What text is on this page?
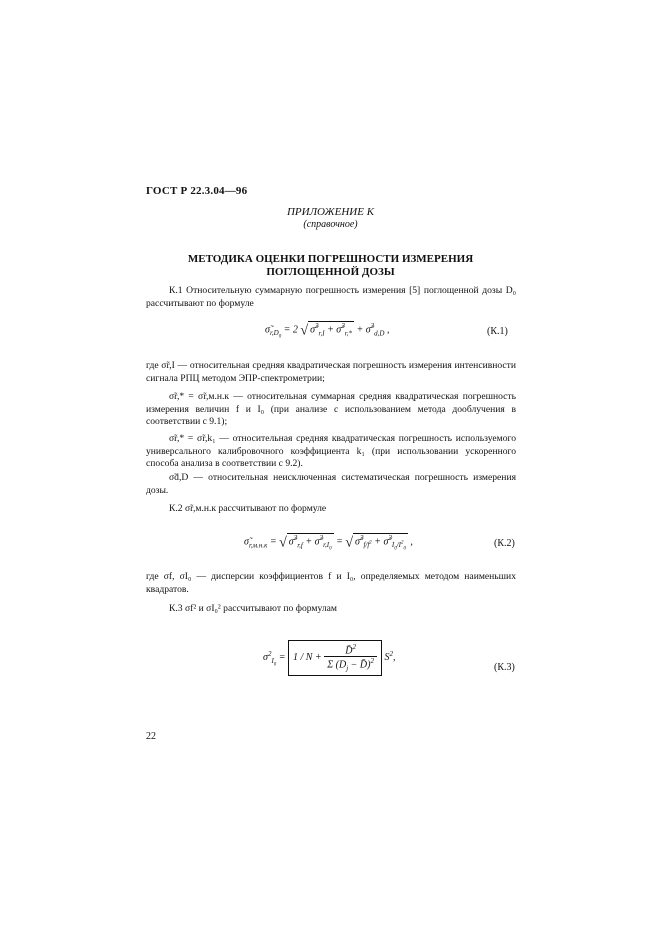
ГОСТ Р 22.3.04—96
ПРИЛОЖЕНИЕ К
(справочное)
МЕТОДИКА ОЦЕНКИ ПОГРЕШНОСТИ ИЗМЕРЕНИЯ
ПОГЛОЩЕННОЙ ДОЗЫ
К.1 Относительную суммарную погрешность измерения [5] поглощенной дозы D₀ рассчитывают по формуле
$\sigmã_{r,D_0} = 2$ √ σ̃$^2_{r,I}$ + σ̃$^2_{r,*}$ + σ̃$^2_{d,D}$ ,	(К.1)
где σ̃r,I — относительная средняя квадратическая погрешность измерения интенсивности сигнала РПЦ методом ЭПР-спектрометрии;
σ̃r,* = σ̃r,м.н.к — относительная суммарная средняя квадратическая погрешность измерения величин f и I₀ (при анализе с использованием метода дооблучения в соответствии с 9.1);
σ̃r,* = σ̃r,k₁ — относительная средняя квадратическая погрешность используемого универсального калибровочного коэффициента k₁ (при использовании ускоренного способа анализа в соответствии с 9.2).
σ̃d,D — относительная неисключенная систематическая погрешность измерения дозы.
К.2 σ̃r,м.н.к рассчитывают по формуле
$\sigmã_{r,м.н.к}$ = √ σ̃$^2_{r,f}$ + σ̃$^2_{r,I_0}$ = √ σ̃$^2_{f/f^2}$ + σ̃$^2_{I_0/I^2_0}$ ,	(К.2)
где σf, σI₀ — дисперсии коэффициентов f и I₀, определяемых методом наименьших квадратов.
К.3 σf² и σI₀² рассчитывают по формулам
$\sigma^2_{I_0} = 1 / N + \frac{D̄^2}{\Sigma (D_j - D̄)^2} S^2$,
(К.3)
22
